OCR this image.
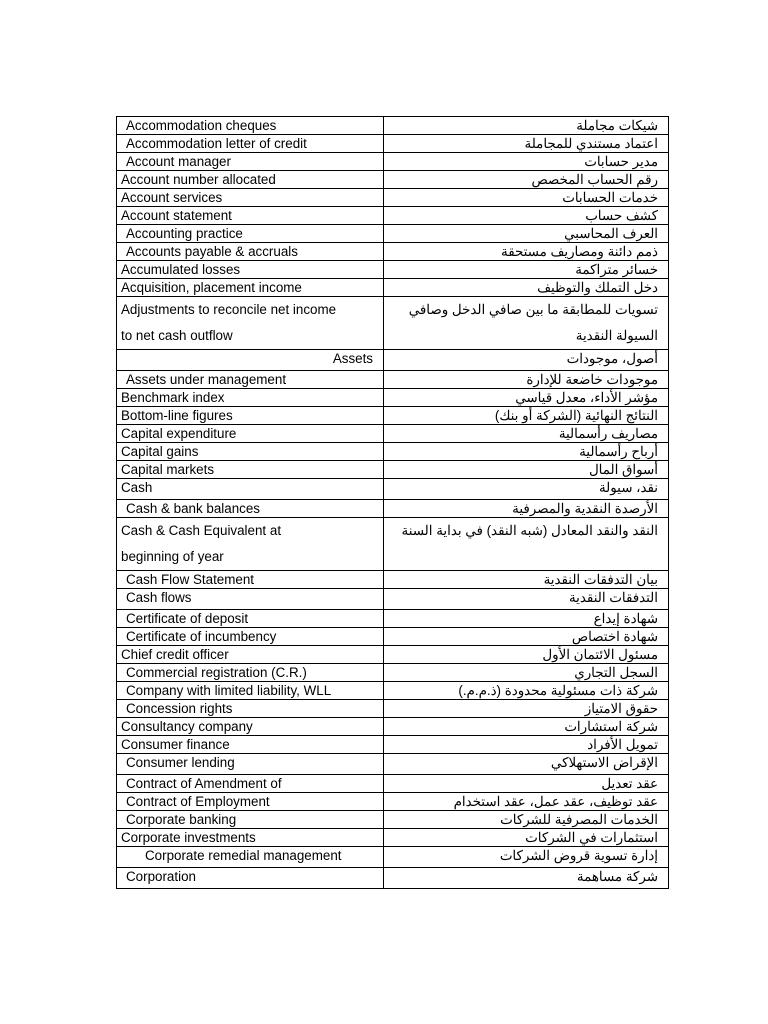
Accommodation cheques	شيكات مجاملة
Accommodation letter of credit	اعتماد مستندي للمجاملة
Account manager	مدير حسابات
Account number allocated	رقم الحساب المخصص
Account services	خدمات الحسابات
Account statement	كشف حساب
Accounting practice	العرف المحاسبي
Accounts payable & accruals	ذمم دائنة ومصاريف مستحقة
Accumulated losses	خسائر متراكمة
Acquisition, placement income	دخل التملك والتوظيف
Adjustments to reconcile net income
to net cash outflow	تسويات للمطابقة ما بين صافي الدخل وصافي السيولة النقدية
Assets	أصول، موجودات
Assets under management	موجودات خاضعة للإدارة
Benchmark index	مؤشر الأداء، معدل قياسي
Bottom-line figures	النتائج النهائية (الشركة أو بنك)
Capital expenditure	مصاريف رأسمالية
Capital gains	أرباح رأسمالية
Capital markets	أسواق المال
Cash	نقد، سيولة
Cash & bank balances	الأرصدة النقدية والمصرفية
Cash & Cash Equivalent at
beginning of year	النقد والنقد المعادل (شبه النقد) في بداية السنة
Cash Flow Statement	بيان التدفقات النقدية
Cash flows	التدفقات النقدية
Certificate of deposit	شهادة إيداع
Certificate of incumbency	شهادة اختصاص
Chief credit officer	مسئول الائتمان الأول
Commercial registration (C.R.)	السجل التجاري
Company with limited liability, WLL	شركة ذات مسئولية محدودة (ذ.م.م.)
Concession rights	حقوق الامتياز
Consultancy company	شركة استشارات
Consumer finance	تمويل الأفراد
Consumer lending	الإقراض الاستهلاكي
Contract of Amendment of	عقد تعديل
Contract of Employment	عقد توظيف، عقد عمل، عقد استخدام
Corporate banking	الخدمات المصرفية للشركات
Corporate investments	استثمارات في الشركات
Corporate remedial management	إدارة تسوية قروض الشركات
Corporation	شركة مساهمة
